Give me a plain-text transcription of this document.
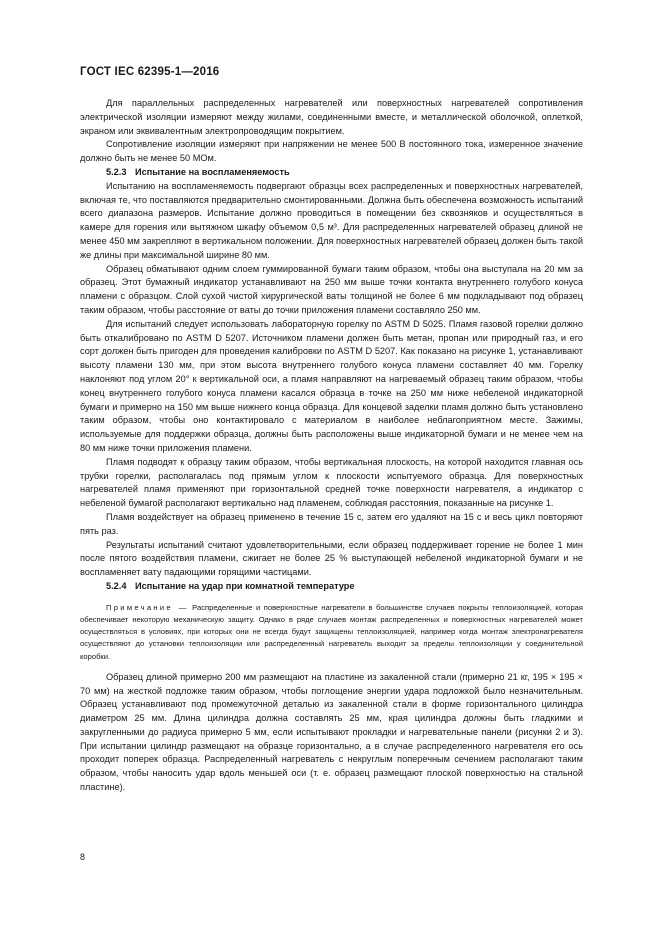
ГОСТ IEC 62395-1—2016

Для параллельных распределенных нагревателей или поверхностных нагревателей сопротивления электрической изоляции измеряют между жилами, соединенными вместе, и металлической оболочкой, оплеткой, экраном или эквивалентным электропроводящим покрытием.

Сопротивление изоляции измеряют при напряжении не менее 500 В постоянного тока, измеренное значение должно быть не менее 50 МОм.

5.2.3 Испытание на воспламеняемость

Испытанию на воспламеняемость подвергают образцы всех распределенных и поверхностных нагревателей, включая те, что поставляются предварительно смонтированными. Должна быть обеспечена возможность испытаний всего диапазона размеров. Испытание должно проводиться в помещении без сквозняков и осуществляться в камере для горения или вытяжном шкафу объемом 0,5 м³. Для распределенных нагревателей образец длиной не менее 450 мм закрепляют в вертикальном положении. Для поверхностных нагревателей образец должен быть такой же длины при максимальной ширине 80 мм.

Образец обматывают одним слоем гуммированной бумаги таким образом, чтобы она выступала на 20 мм за образец. Этот бумажный индикатор устанавливают на 250 мм выше точки контакта внутреннего голубого конуса пламени с образцом. Слой сухой чистой хирургической ваты толщиной не более 6 мм подкладывают под образец таким образом, чтобы расстояние от ваты до точки приложения пламени составляло 250 мм.

Для испытаний следует использовать лабораторную горелку по ASTM D 5025. Пламя газовой горелки должно быть откалибровано по ASTM D 5207. Источником пламени должен быть метан, пропан или природный газ, и его сорт должен быть пригоден для проведения калибровки по ASTM D 5207. Как показано на рисунке 1, устанавливают высоту пламени 130 мм, при этом высота внутреннего голубого конуса пламени составляет 40 мм. Горелку наклоняют под углом 20° к вертикальной оси, а пламя направляют на нагреваемый образец таким образом, чтобы конец внутреннего голубого конуса пламени касался образца в точке на 250 мм ниже небеленой индикаторной бумаги и примерно на 150 мм выше нижнего конца образца. Для концевой заделки пламя должно быть установлено таким образом, чтобы оно контактировало с материалом в наиболее неблагоприятном месте. Зажимы, используемые для поддержки образца, должны быть расположены выше индикаторной бумаги и не менее чем на 80 мм ниже точки приложения пламени.

Пламя подводят к образцу таким образом, чтобы вертикальная плоскость, на которой находится главная ось трубки горелки, располагалась под прямым углом к плоскости испытуемого образца. Для поверхностных нагревателей пламя применяют при горизонтальной средней точке поверхности нагревателя, а индикатор с небеленой бумагой располагают вертикально над пламенем, соблюдая расстояния, показанные на рисунке 1.

Пламя воздействует на образец применено в течение 15 с, затем его удаляют на 15 с и весь цикл повторяют пять раз.

Результаты испытаний считают удовлетворительными, если образец поддерживает горение не более 1 мин после пятого воздействия пламени, сжигает не более 25 % выступающей небеленой индикаторной бумаги и не воспламеняет вату падающими горящими частицами.

5.2.4 Испытание на удар при комнатной температуре

Примечание — Распределенные и поверхностные нагреватели в большинстве случаев покрыты теплоизоляцией, которая обеспечивает некоторую механическую защиту. Однако в ряде случаев монтаж распределенных и поверхностных нагревателей может осуществляться в условиях, при которых они не всегда будут защищены теплоизоляцией, например когда монтаж электронагревателя осуществляют до установки теплоизоляции или распределенный нагреватель выходит за пределы теплоизоляции у соединительной коробки.

Образец длиной примерно 200 мм размещают на пластине из закаленной стали (примерно 21 кг, 195 × 195 × 70 мм) на жесткой подложке таким образом, чтобы поглощение энергии удара подложкой было незначительным. Образец устанавливают под промежуточной деталью из закаленной стали в форме горизонтального цилиндра диаметром 25 мм. Длина цилиндра должна составлять 25 мм, края цилиндра должны быть гладкими и закругленными до радиуса примерно 5 мм, если испытывают прокладки и нагревательные панели (рисунки 2 и 3). При испытании цилиндр размещают на образце горизонтально, а в случае распределенного нагревателя его ось проходит поперек образца. Распределенный нагреватель с некруглым поперечным сечением располагают таким образом, чтобы наносить удар вдоль меньшей оси (т. е. образец размещают плоской поверхностью на стальной пластине).

8
